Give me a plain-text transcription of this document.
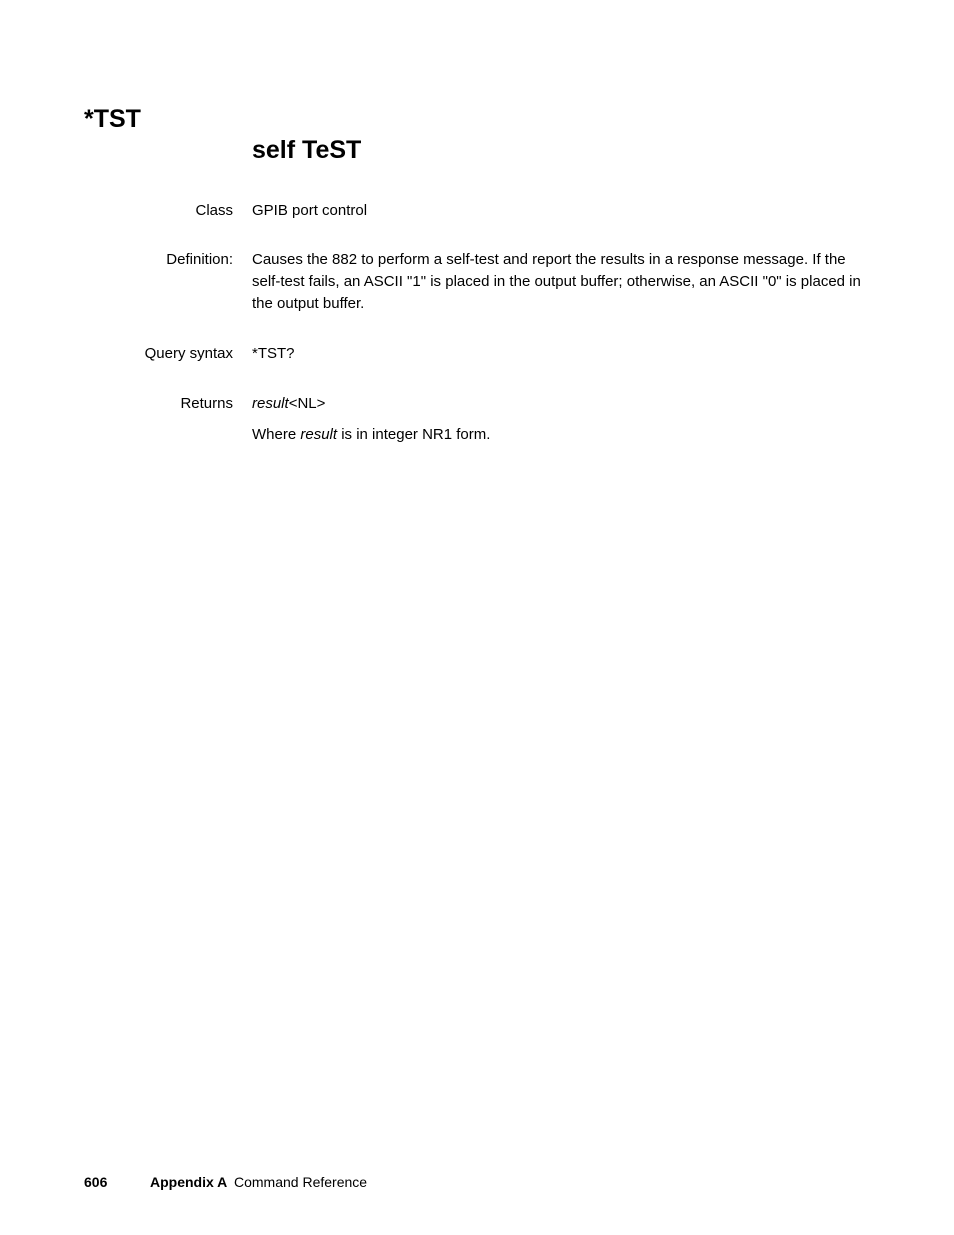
*TST
self TeST
Class GPIB port control
Definition: Causes the 882 to perform a self-test and report the results in a response message. If the self-test fails, an ASCII "1" is placed in the output buffer; otherwise, an ASCII "0" is placed in the output buffer.
Query syntax *TST?
Returns result<NL>

Where result is in integer NR1 form.

606	Appendix A Command Reference
